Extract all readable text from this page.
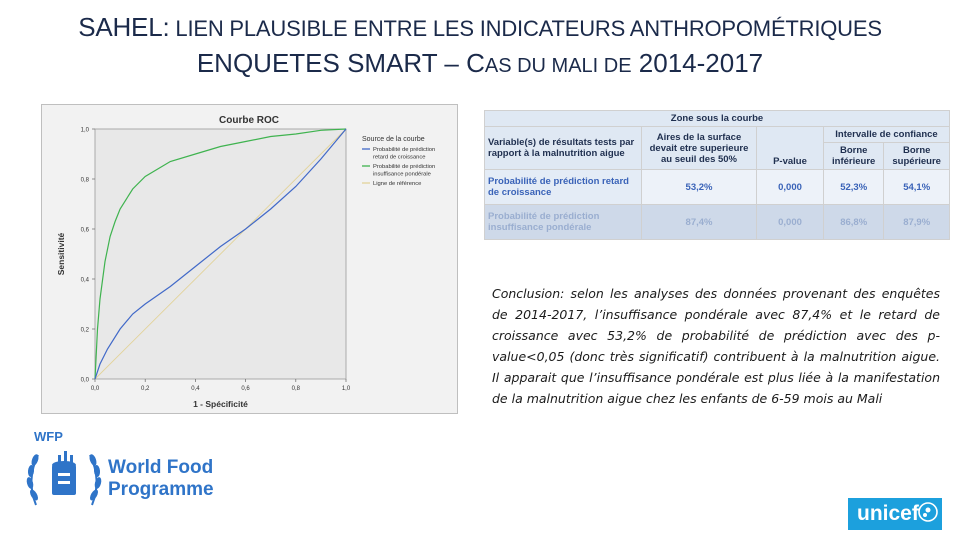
SAHEL: LIEN PLAUSIBLE ENTRE LES INDICATEURS ANTHROPOMÉTRIQUES
ENQUETES SMART – CAS DU MALI DE 2014-2017
Courbe ROC
0,0
0,2
0,4
0,6
0,8
1,0
0,0	0,2	0,4	0,6	0,8	1,0
1 - Spécificité
Sensitivité
Source de la courbe
Probabilité de prédiction
retard de croissance
Probabilité de prédiction
insuffisance pondérale
Ligne de référence
Zone sous la courbe				
Variable(s) de résultats tests par rapport à la malnutrition aigue	Aires de la surface devait etre superieure au seuil des 50%	P-value	Intervalle de confiance	
			Borne inférieure	Borne supérieure
Probabilité de prédiction retard de croissance	53,2%	0,000	52,3%	54,1%
Probabilité de prédiction insuffisance pondérale	87,4%	0,000	86,8%	87,9%

Conclusion: selon les analyses des données provenant des enquêtes de 2014-2017, l’insuffisance pondérale avec 87,4% et le retard de croissance avec 53,2% de probabilité de prédiction avec des p-value<0,05 (donc très significatif) contribuent à la malnutrition aigue. Il apparait que l’insuffisance pondérale est plus liée à la manifestation de la malnutrition aigue chez les enfants de 6-59 mois au Mali

WFP
World Food
Programme
unicef
